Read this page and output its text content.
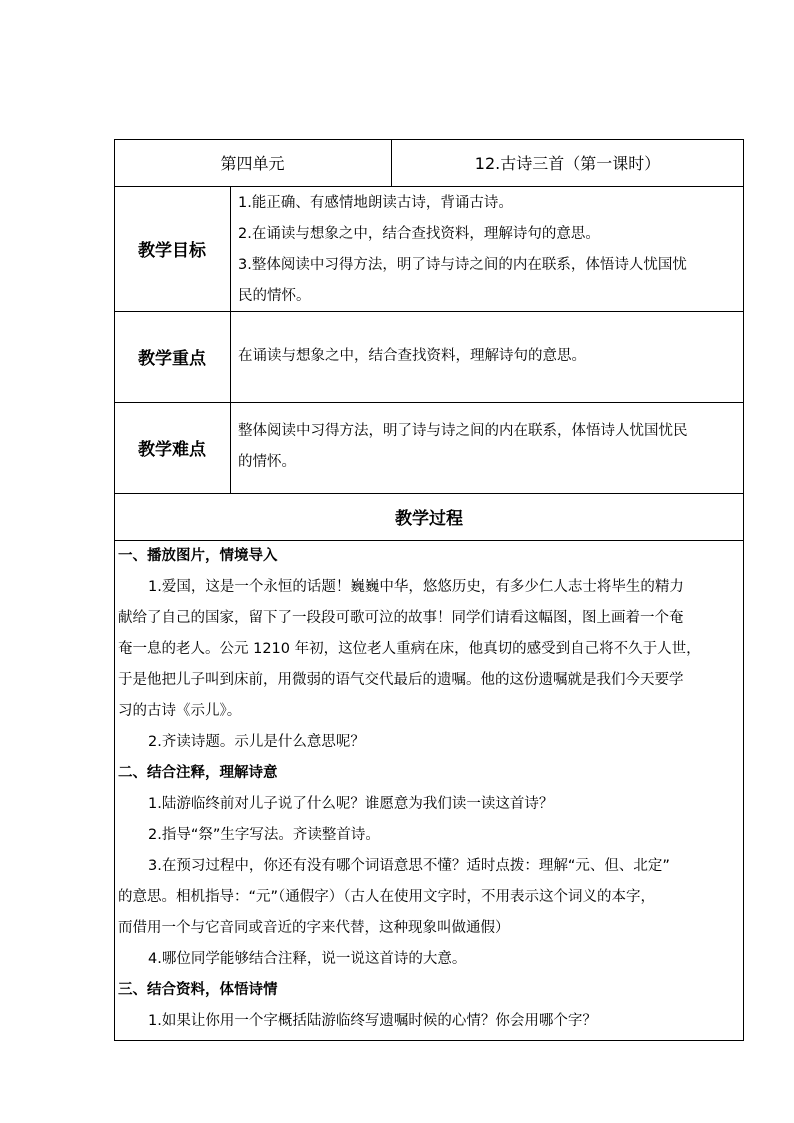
第四单元	12.古诗三首（第一课时）
教学目标
1.能正确、有感情地朗读古诗，背诵古诗。
2.在诵读与想象之中，结合查找资料，理解诗句的意思。
3.整体阅读中习得方法，明了诗与诗之间的内在联系，体悟诗人忧国忧
民的情怀。
教学重点	在诵读与想象之中，结合查找资料，理解诗句的意思。
教学难点
整体阅读中习得方法，明了诗与诗之间的内在联系，体悟诗人忧国忧民
的情怀。
教学过程
一、播放图片，情境导入
1.爱国，这是一个永恒的话题！巍巍中华，悠悠历史，有多少仁人志士将毕生的精力
献给了自己的国家，留下了一段段可歌可泣的故事！同学们请看这幅图，图上画着一个奄
奄一息的老人。公元 1210 年初，这位老人重病在床，他真切的感受到自己将不久于人世，
于是他把儿子叫到床前，用微弱的语气交代最后的遗嘱。他的这份遗嘱就是我们今天要学
习的古诗《示儿》。
2.齐读诗题。示儿是什么意思呢？
二、结合注释，理解诗意
1.陆游临终前对儿子说了什么呢？谁愿意为我们读一读这首诗？
2.指导“祭”生字写法。齐读整首诗。
3.在预习过程中，你还有没有哪个词语意思不懂？适时点拨：理解“元、但、北定”
的意思。相机指导：“元”（通假字）（古人在使用文字时，不用表示这个词义的本字，
而借用一个与它音同或音近的字来代替，这种现象叫做通假）
4.哪位同学能够结合注释，说一说这首诗的大意。
三、结合资料，体悟诗情
1.如果让你用一个字概括陆游临终写遗嘱时候的心情？你会用哪个字？
